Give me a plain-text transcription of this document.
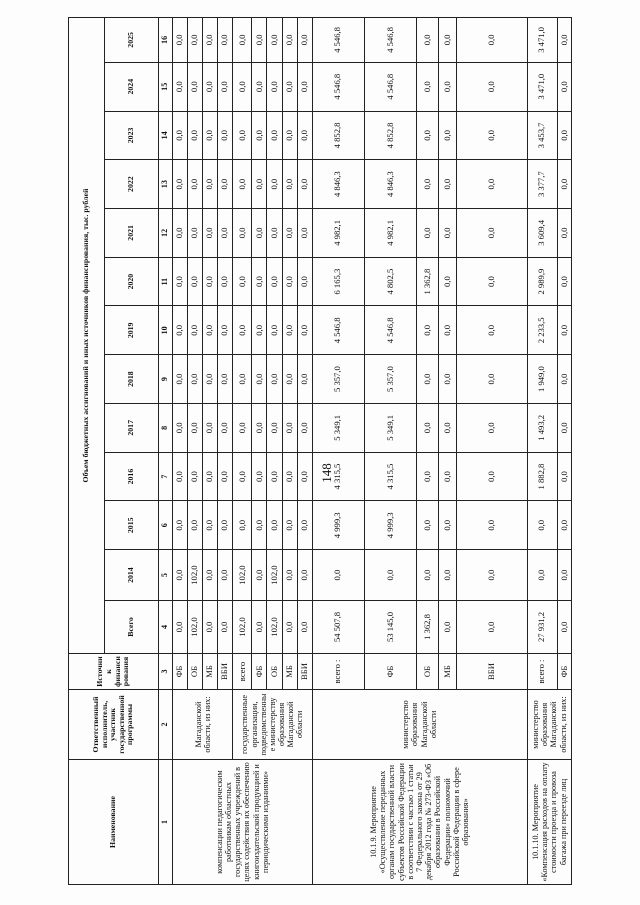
148
Наименование	Ответственный исполнитель, участник государственной программы	Источник финансирования	Объем бюджетных ассигнований и иных источников финансирования, тыс. рублей												
			Всего	2014	2015	2016	2017	2018	2019	2020	2021	2022	2023	2024	2025
1	2	3	4	5	6	7	8	9	10	11	12	13	14	15	16
компенсации педагогическим работникам областных государственных учреждений в целях содействия их обеспечению книгоиздательской продукцией и периодическими изданиями»	Магаданской области, из них:	ФБ	0,0	0,0	0,0	0,0	0,0	0,0	0,0	0,0	0,0	0,0	0,0	0,0	0,0
		ОБ	102,0	102,0	0,0	0,0	0,0	0,0	0,0	0,0	0,0	0,0	0,0	0,0	0,0
		МБ	0,0	0,0	0,0	0,0	0,0	0,0	0,0	0,0	0,0	0,0	0,0	0,0	0,0
		ВБИ	0,0	0,0	0,0	0,0	0,0	0,0	0,0	0,0	0,0	0,0	0,0	0,0	0,0
	государственные организации, подведомственные министерству образования Магаданской области	всего	102,0	102,0	0,0	0,0	0,0	0,0	0,0	0,0	0,0	0,0	0,0	0,0	0,0
		ФБ	0,0	0,0	0,0	0,0	0,0	0,0	0,0	0,0	0,0	0,0	0,0	0,0	0,0
		ОБ	102,0	102,0	0,0	0,0	0,0	0,0	0,0	0,0	0,0	0,0	0,0	0,0	0,0
		МБ	0,0	0,0	0,0	0,0	0,0	0,0	0,0	0,0	0,0	0,0	0,0	0,0	0,0
		ВБИ	0,0	0,0	0,0	0,0	0,0	0,0	0,0	0,0	0,0	0,0	0,0	0,0	0,0
10.1.9. Мероприятие «Осуществление переданных органам государственной власти субъектов Российской Федерации в соответствии с частью 1 статьи 7 Федерального закона от 29 декабря 2012 года № 273-ФЗ «Об образовании в Российской Федерации» полномочий Российской Федерации в сфере образования»	министерство образования Магаданской области	всего :	54 507,8	0,0	4 999,3	4 315,5	5 349,1	5 357,0	4 546,8	6 165,3	4 982,1	4 846,3	4 852,8	4 546,8	4 546,8
		ФБ	53 145,0	0,0	4 999,3	4 315,5	5 349,1	5 357,0	4 546,8	4 802,5	4 982,1	4 846,3	4 852,8	4 546,8	4 546,8
		ОБ	1 362,8	0,0	0,0	0,0	0,0	0,0	0,0	1 362,8	0,0	0,0	0,0	0,0	0,0
		МБ	0,0	0,0	0,0	0,0	0,0	0,0	0,0	0,0	0,0	0,0	0,0	0,0	0,0
		ВБИ	0,0	0,0	0,0	0,0	0,0	0,0	0,0	0,0	0,0	0,0	0,0	0,0	0,0
10.1.10. Мероприятие «Компенсация расходов на оплату стоимости проезда и провоза багажа при переезде лиц	министерство образования Магаданской области, из них:	всего :	27 931,2	0,0	0,0	1 882,8	1 493,2	1 949,0	2 233,5	2 989,9	3 609,4	3 377,7	3 453,7	3 471,0	3 471,0
		ФБ	0,0	0,0	0,0	0,0	0,0	0,0	0,0	0,0	0,0	0,0	0,0	0,0	0,0
